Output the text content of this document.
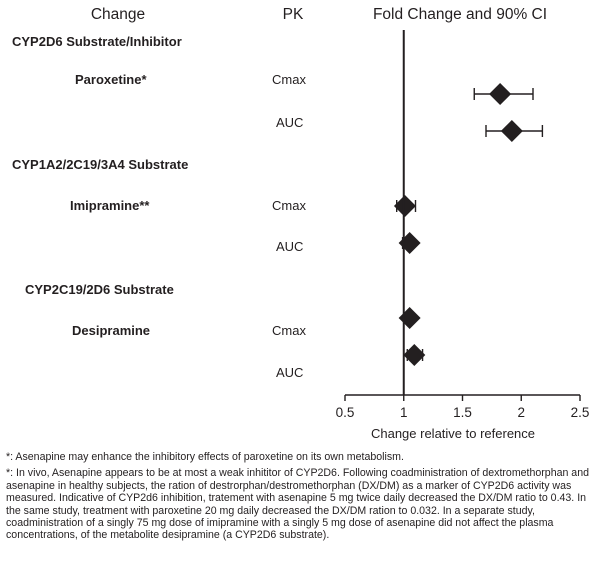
Change	PK	Fold Change and 90% CI
CYP2D6 Substrate/Inhibitor
Paroxetine*	Cmax
AUC
CYP1A2/2C19/3A4 Substrate
Imipramine**	Cmax
AUC
CYP2C19/2D6 Substrate
Desipramine	Cmax
AUC
0.5	1	1.5	2	2.5
Change relative to reference

*: Asenapine may enhance the inhibitory effects of paroxetine on its own metabolism.

*: In vivo, Asenapine appears to be at most a weak inhititor of CYP2D6. Following coadministration of dextromethorphan and asenapine in healthy subjects, the ration of destrorphan/destromethorphan (DX/DM) as a marker of CYP2D6 activity was measured. Indicative of CYP2d6 inhibition, tratement with asenapine 5 mg twice daily decreased the DX/DM ratio to 0.43. In the same study, treatment with paroxetine 20 mg daily decreased the DX/DM ration to 0.032. In a separate study, coadministration of a singly 75 mg dose of imipramine with a singly 5 mg dose of asenapine did not affect the plasma concentrations, of the metabolite desipramine (a CYP2D6 substrate).
